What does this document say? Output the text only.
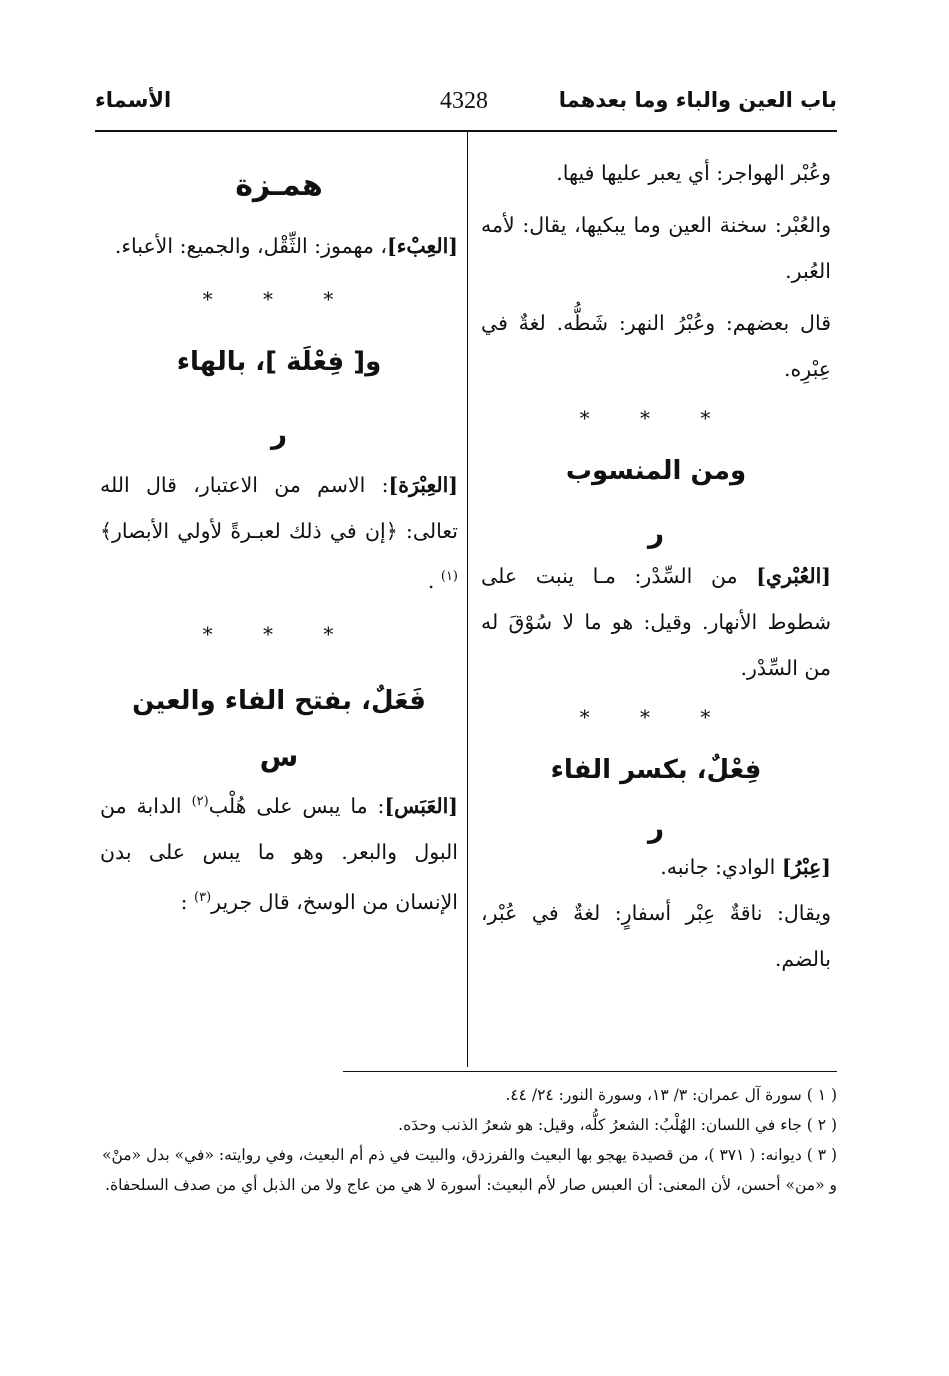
باب العين والباء وما بعدهما
4328
الأسماء

وعُبْر الهواجر: أي يعبر عليها فيها.

والعُبْر: سخنة العين وما يبكيها، يقال: لأمه العُبر.

قال بعضهم: وعُبْرُ النهر: شَطُّه. لغةٌ في عِبْرِه.

* * *

ومن المنسوب

ر

[العُبْري] من السِّدْر: مـا ينبت على شطوط الأنهار. وقيل: هو ما لا سُوْقَ له من السِّدْر.

* * *

فِعْلٌ، بكسر الفاء

ر

[عِبْرُ] الوادي: جانبه.

ويقال: ناقةٌ عِبْر أسفارٍ: لغةٌ في عُبْر، بالضم.

همـزة

[العِبْء]، مهموز: الثِّقْل، والجميع: الأعباء.

* * *

و[ فِعْلَة ]، بالهاء

ر

[العِبْرَة]: الاسم من الاعتبار، قال الله تعالى: ﴿إن في ذلك لعبـرةً لأولي الأبصار﴾$^{(١)}$ .

* * *

فَعَلٌ، بفتح الفاء والعين

س

[العَبَس]: ما يبس على هُلْب$^{(٢)}$ الدابة من البول والبعر. وهو ما يبس على بدن الإنسان من الوسخ، قال جرير$^{(٣)}$ :

( ١ ) سورة آل عمران: ٣/ ١٣، وسورة النور: ٢٤/ ٤٤.

( ٢ ) جاء في اللسان: الهُلْبُ: الشعرُ كلُّه، وقيل: هو شعرُ الذنب وحدَه.

( ٣ ) ديوانه: ( ٣٧١ )، من قصيدة يهجو بها البعيث والفرزدق، والبيت في ذم أم البعيث، وفي روايته: «في» بدل «منْ» و «من» أحسن، لأن المعنى: أن العبس صار لأم البعيث: أسورة لا هي من عاج ولا من الذبل أي من صدف السلحفاة.
